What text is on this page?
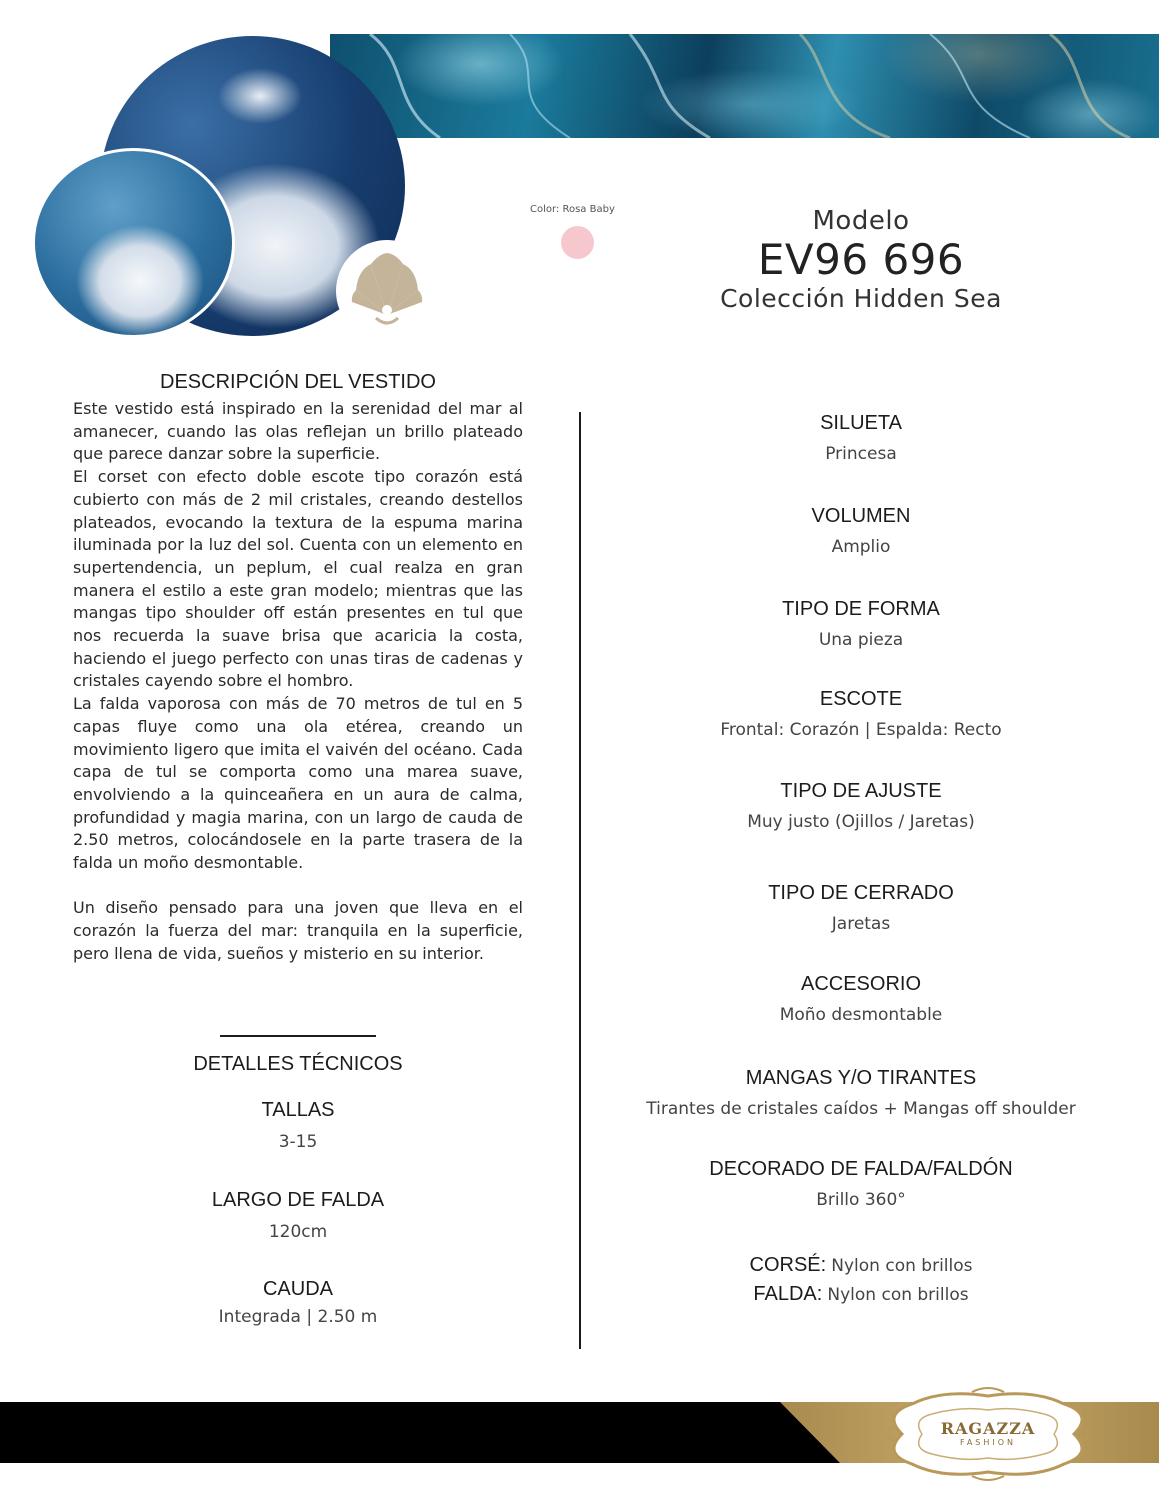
Color: Rosa Baby	Modelo
EV96 696
Colección Hidden Sea
DESCRIPCIÓN DEL VESTIDO

Este vestido está inspirado en la serenidad del mar al amanecer, cuando las olas reflejan un brillo plateado que parece danzar sobre la superficie.

El corset con efecto doble escote tipo corazón está cubierto con más de 2 mil cristales, creando destellos plateados, evocando la textura de la espuma marina iluminada por la luz del sol. Cuenta con un elemento en supertendencia, un peplum, el cual realza en gran manera el estilo a este gran modelo; mientras que las mangas tipo shoulder off están presentes en tul que nos recuerda la suave brisa que acaricia la costa, haciendo el juego perfecto con unas tiras de cadenas y cristales cayendo sobre el hombro.

La falda vaporosa con más de 70 metros de tul en 5 capas fluye como una ola etérea, creando un movimiento ligero que imita el vaivén del océano. Cada capa de tul se comporta como una marea suave, envolviendo a la quinceañera en un aura de calma, profundidad y magia marina, con un largo de cauda de 2.50 metros, colocándosele en la parte trasera de la falda un moño desmontable.

Un diseño pensado para una joven que lleva en el corazón la fuerza del mar: tranquila en la superficie, pero llena de vida, sueños y misterio en su interior.

DETALLES TÉCNICOS
TALLAS
3-15
LARGO DE FALDA
120cm
CAUDA
Integrada | 2.50 m
SILUETA
Princesa
VOLUMEN
Amplio
TIPO DE FORMA
Una pieza
ESCOTE
Frontal: Corazón | Espalda: Recto
TIPO DE AJUSTE
Muy justo (Ojillos / Jaretas)
TIPO DE CERRADO
Jaretas
ACCESORIO
Moño desmontable
MANGAS Y/O TIRANTES
Tirantes de cristales caídos + Mangas off shoulder
DECORADO DE FALDA/FALDÓN
Brillo 360°
CORSÉ: Nylon con brillos
FALDA: Nylon con brillos
RAGAZZA
FASHION
